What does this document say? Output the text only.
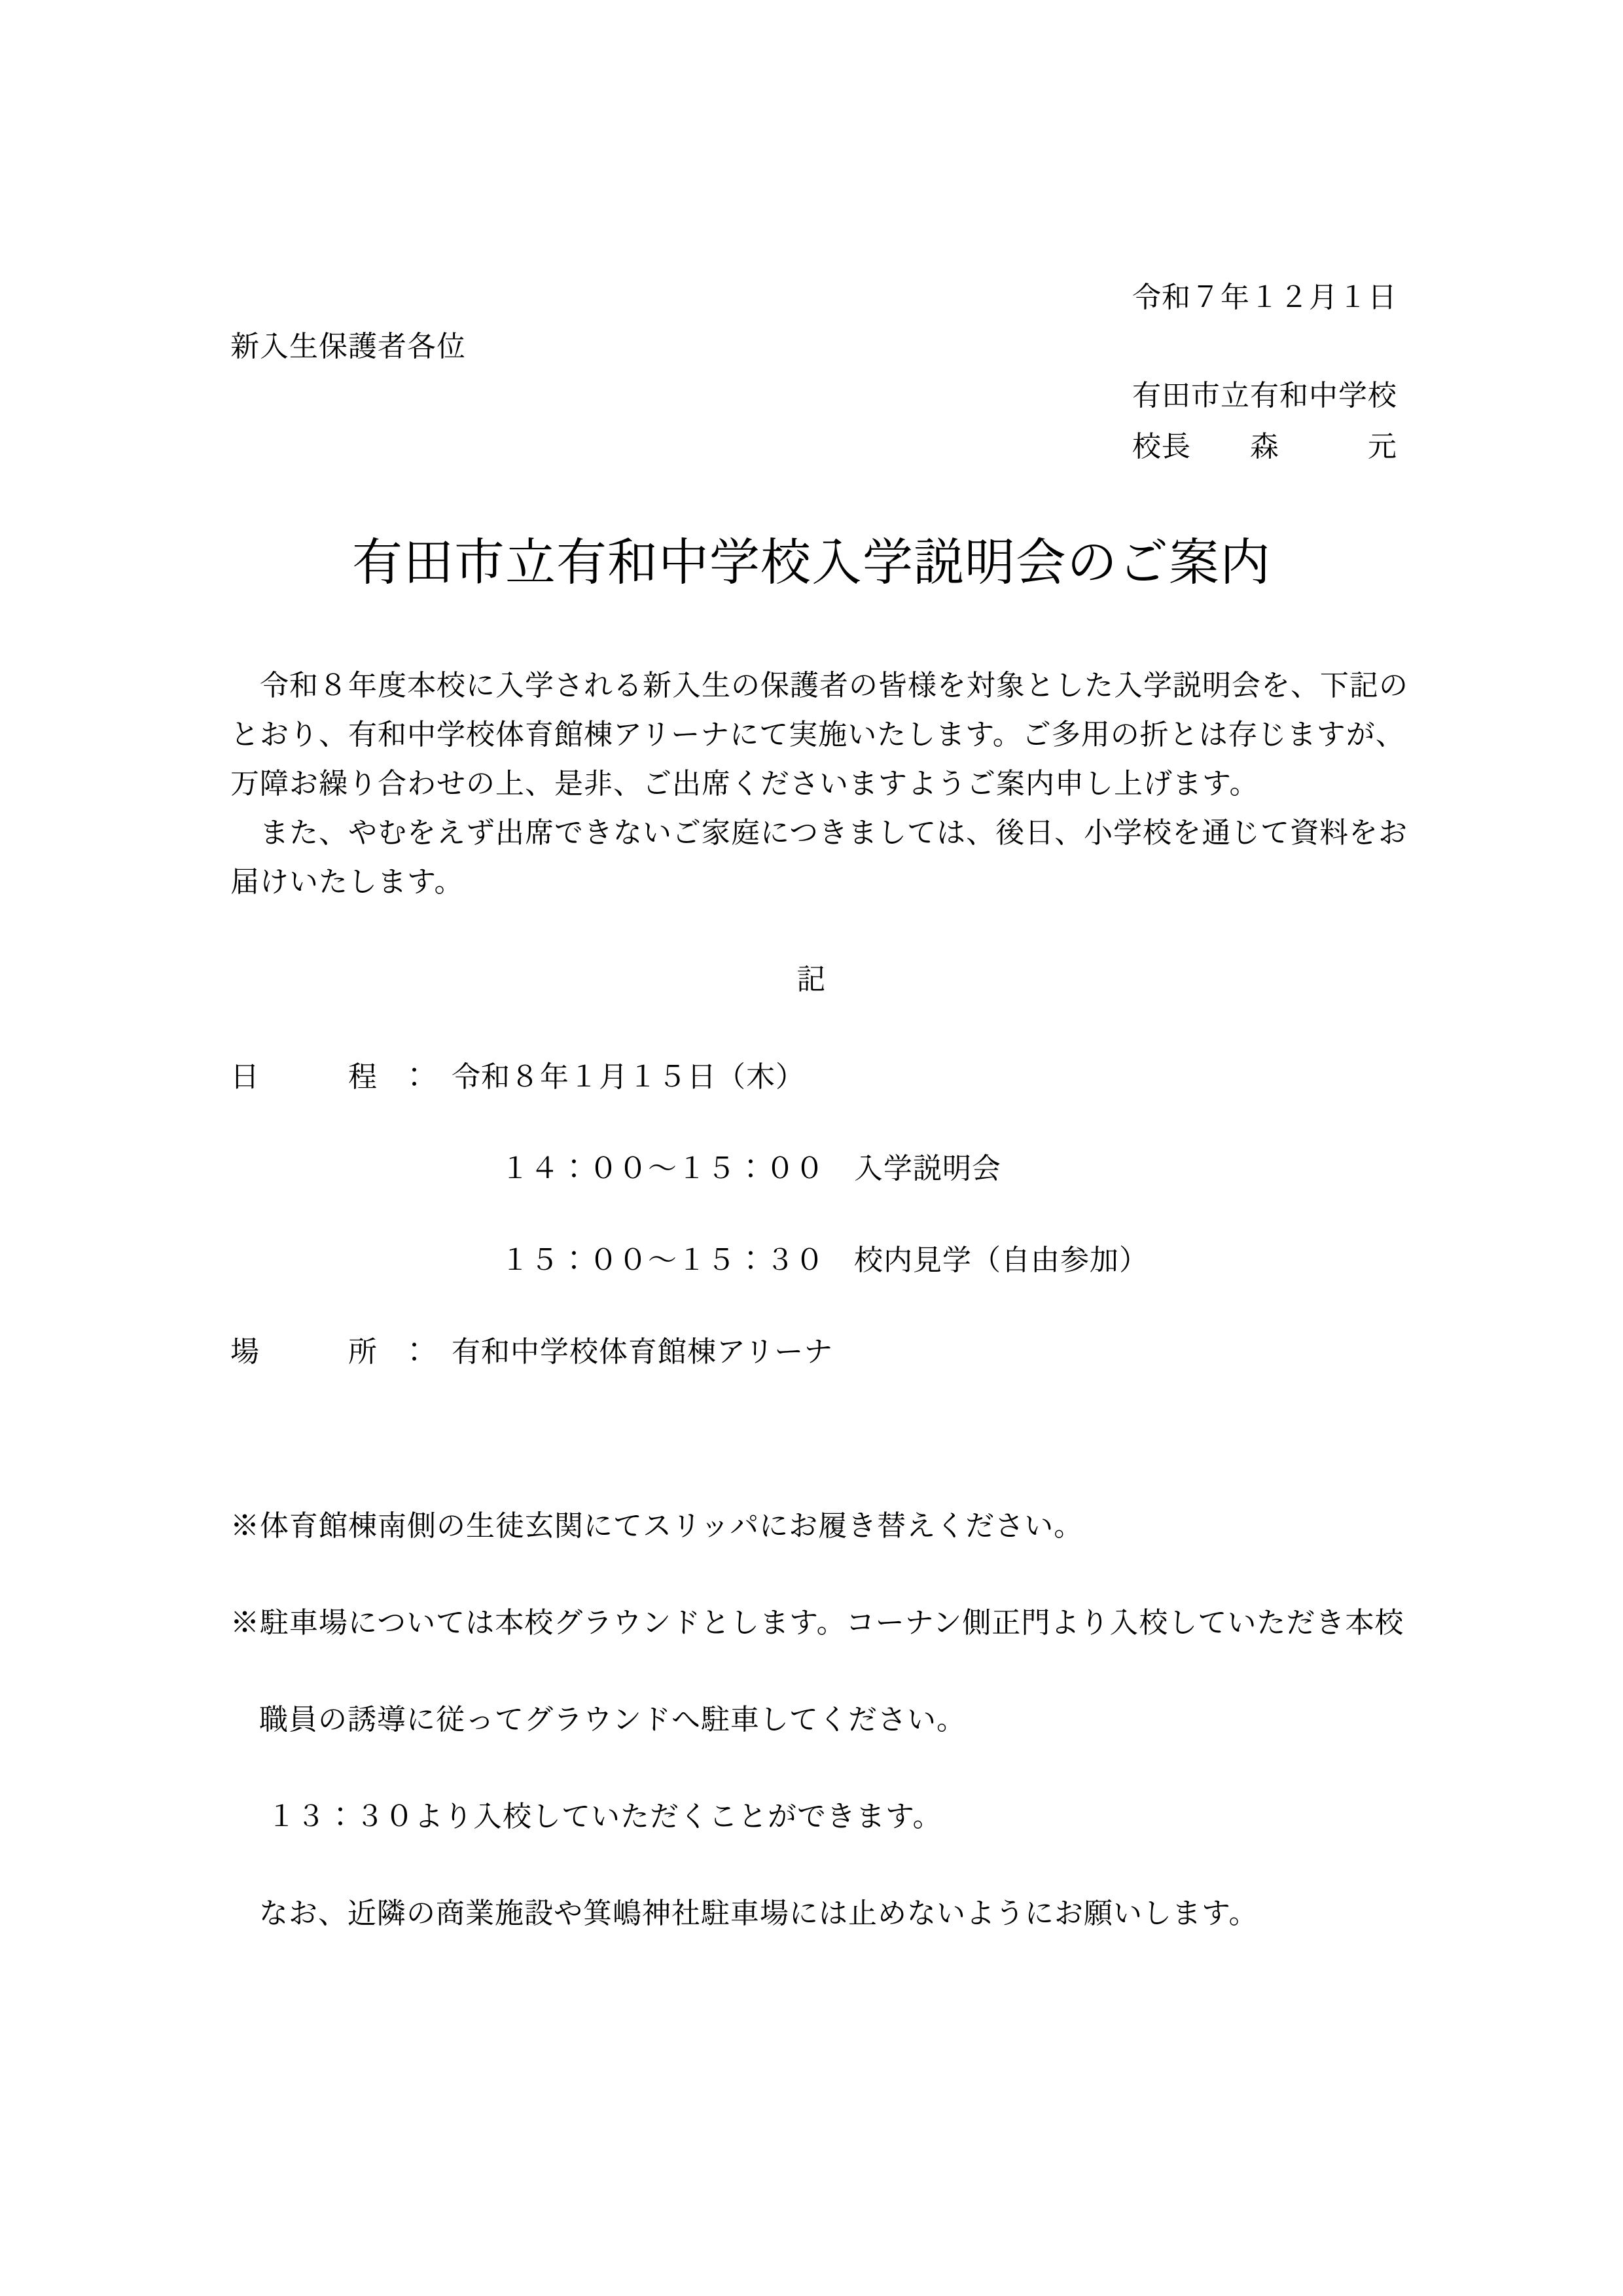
令和７年１２月１日
新入生保護者各位
有田市立有和中学校
校長　　森　　　元
有田市立有和中学校入学説明会のご案内
　令和８年度本校に入学される新入生の保護者の皆様を対象とした入学説明会を、下記の
とおり、有和中学校体育館棟アリーナにて実施いたします。ご多用の折とは存じますが、
万障お繰り合わせの上、是非、ご出席くださいますようご案内申し上げます。
　また、やむをえず出席できないご家庭につきましては、後日、小学校を通じて資料をお
届けいたします。
記
日　　　程　：　令和８年１月１５日（木）
１４：００～１５：００　入学説明会
１５：００～１５：３０　校内見学（自由参加）
場　　　所　：　有和中学校体育館棟アリーナ
※体育館棟南側の生徒玄関にてスリッパにお履き替えください。
※駐車場については本校グラウンドとします。コーナン側正門より入校していただき本校
職員の誘導に従ってグラウンドへ駐車してください。
１３：３０より入校していただくことができます。
なお、近隣の商業施設や箕嶋神社駐車場には止めないようにお願いします。
